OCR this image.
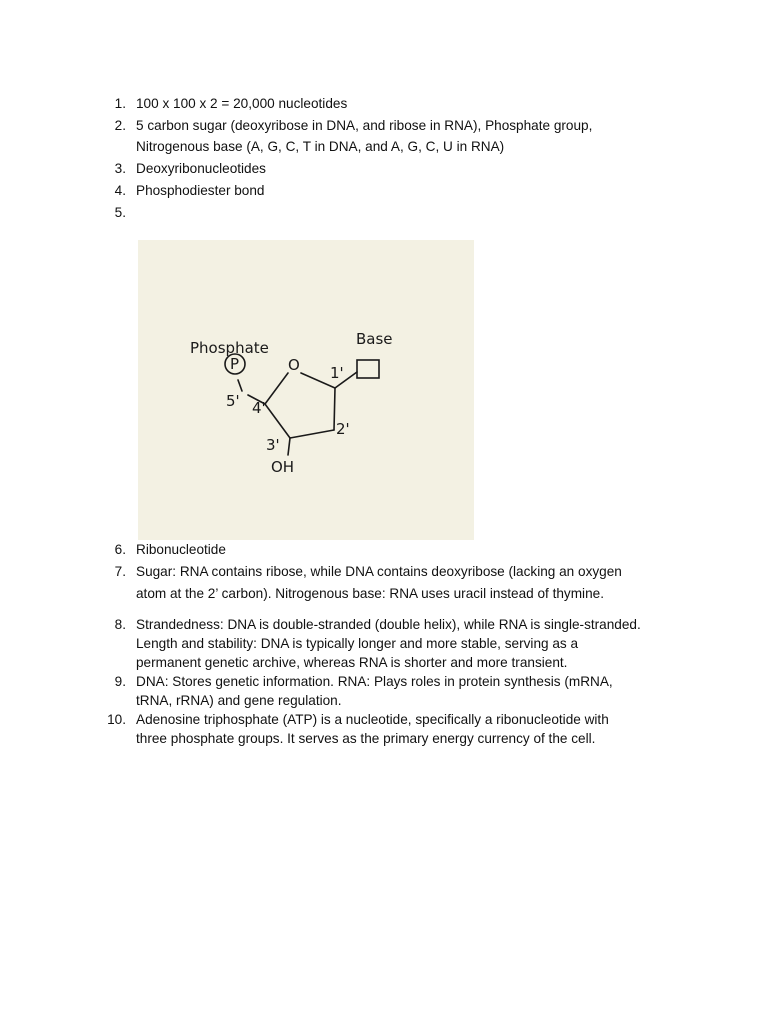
1. 100 x 100 x 2 = 20,000 nucleotides
2. 5 carbon sugar (deoxyribose in DNA, and ribose in RNA), Phosphate group,
Nitrogenous base (A, G, C, T in DNA, and A, G, C, U in RNA)
3. Deoxyribonucleotides
4. Phosphodiester bond
5.
Phosphate
P
Base
O 1'
2'
3'
4'
5'
OH
6. Ribonucleotide
7. Sugar: RNA contains ribose, while DNA contains deoxyribose (lacking an oxygen
atom at the 2’ carbon). Nitrogenous base: RNA uses uracil instead of thymine.
8. Strandedness: DNA is double-stranded (double helix), while RNA is single-stranded.
Length and stability: DNA is typically longer and more stable, serving as a
permanent genetic archive, whereas RNA is shorter and more transient.
9. DNA: Stores genetic information. RNA: Plays roles in protein synthesis (mRNA,
tRNA, rRNA) and gene regulation.
10. Adenosine triphosphate (ATP) is a nucleotide, specifically a ribonucleotide with
three phosphate groups. It serves as the primary energy currency of the cell.
